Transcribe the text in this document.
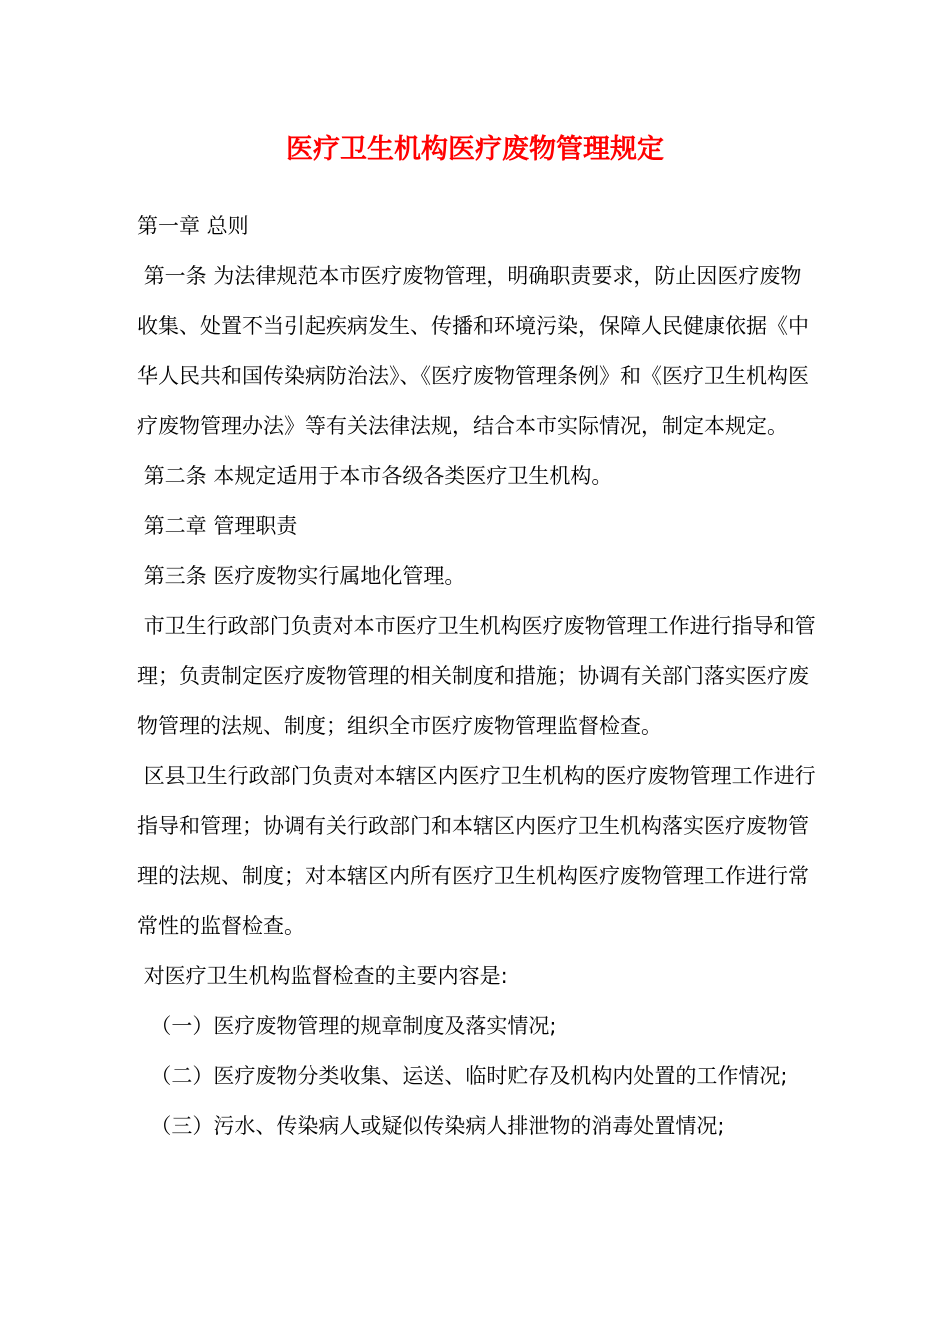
医疗卫生机构医疗废物管理规定

第一章 总则

第一条 为法律规范本市医疗废物管理，明确职责要求，防止因医疗废物收集、处置不当引起疾病发生、传播和环境污染，保障人民健康依据《中华人民共和国传染病防治法》、《医疗废物管理条例》和《医疗卫生机构医疗废物管理办法》等有关法律法规，结合本市实际情况，制定本规定。

第二条 本规定适用于本市各级各类医疗卫生机构。

第二章 管理职责

第三条 医疗废物实行属地化管理。

市卫生行政部门负责对本市医疗卫生机构医疗废物管理工作进行指导和管理；负责制定医疗废物管理的相关制度和措施；协调有关部门落实医疗废物管理的法规、制度；组织全市医疗废物管理监督检查。

区县卫生行政部门负责对本辖区内医疗卫生机构的医疗废物管理工作进行指导和管理；协调有关行政部门和本辖区内医疗卫生机构落实医疗废物管理的法规、制度；对本辖区内所有医疗卫生机构医疗废物管理工作进行常常性的监督检查。

对医疗卫生机构监督检查的主要内容是:

（一）医疗废物管理的规章制度及落实情况;

（二）医疗废物分类收集、运送、临时贮存及机构内处置的工作情况;

（三）污水、传染病人或疑似传染病人排泄物的消毒处置情况;
